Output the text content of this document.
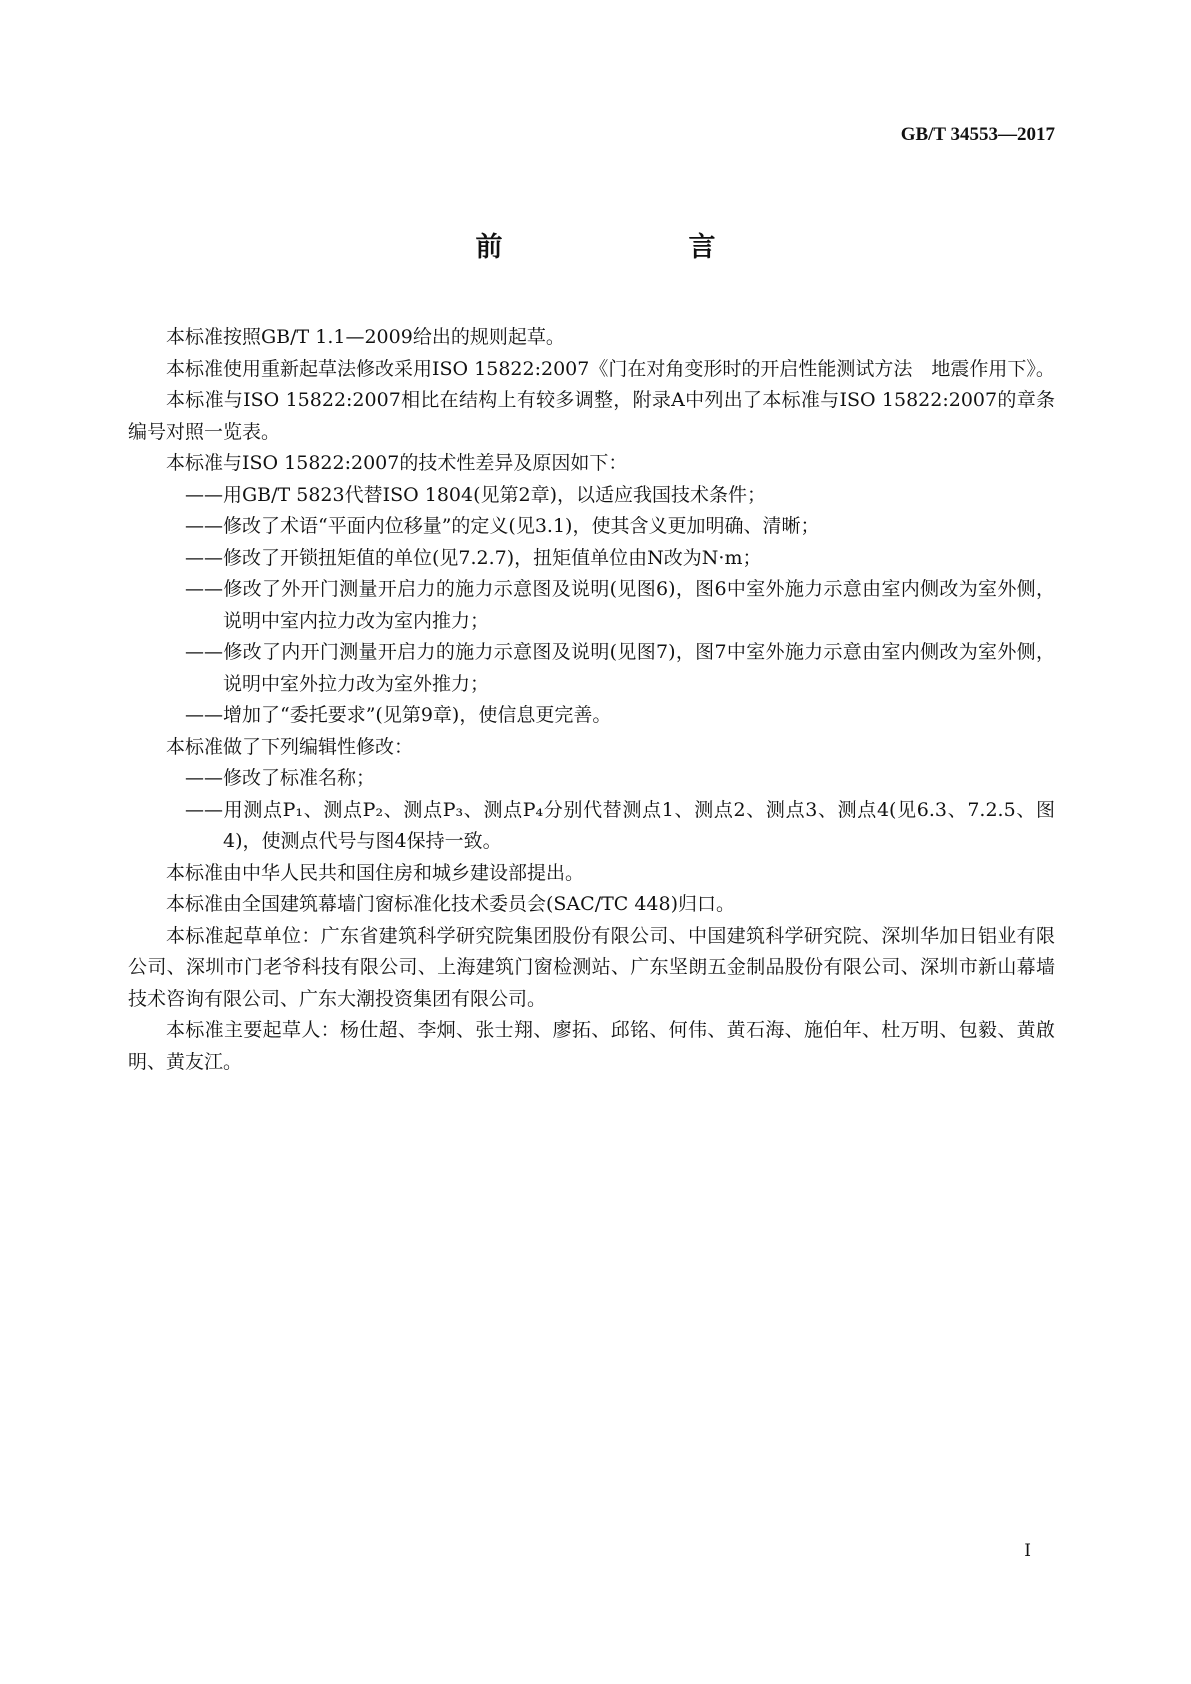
GB/T 34553—2017

前　　言

本标准按照GB/T 1.1—2009给出的规则起草。

本标准使用重新起草法修改采用ISO 15822:2007《门在对角变形时的开启性能测试方法　地震作用下》。

本标准与ISO 15822:2007相比在结构上有较多调整，附录A中列出了本标准与ISO 15822:2007的章条编号对照一览表。

本标准与ISO 15822:2007的技术性差异及原因如下：

——用GB/T 5823代替ISO 1804(见第2章)，以适应我国技术条件；

——修改了术语“平面内位移量”的定义(见3.1)，使其含义更加明确、清晰；

——修改了开锁扭矩值的单位(见7.2.7)，扭矩值单位由N改为N·m；

——修改了外开门测量开启力的施力示意图及说明(见图6)，图6中室外施力示意由室内侧改为室外侧，说明中室内拉力改为室内推力；

——修改了内开门测量开启力的施力示意图及说明(见图7)，图7中室外施力示意由室内侧改为室外侧，说明中室外拉力改为室外推力；

——增加了“委托要求”(见第9章)，使信息更完善。

本标准做了下列编辑性修改：

——修改了标准名称；

——用测点P₁、测点P₂、测点P₃、测点P₄分别代替测点1、测点2、测点3、测点4(见6.3、7.2.5、图4)，使测点代号与图4保持一致。

本标准由中华人民共和国住房和城乡建设部提出。

本标准由全国建筑幕墙门窗标准化技术委员会(SAC/TC 448)归口。

本标准起草单位：广东省建筑科学研究院集团股份有限公司、中国建筑科学研究院、深圳华加日铝业有限公司、深圳市门老爷科技有限公司、上海建筑门窗检测站、广东坚朗五金制品股份有限公司、深圳市新山幕墙技术咨询有限公司、广东大潮投资集团有限公司。

本标准主要起草人：杨仕超、李炯、张士翔、廖拓、邱铭、何伟、黄石海、施伯年、杜万明、包毅、黄啟明、黄友江。

I
